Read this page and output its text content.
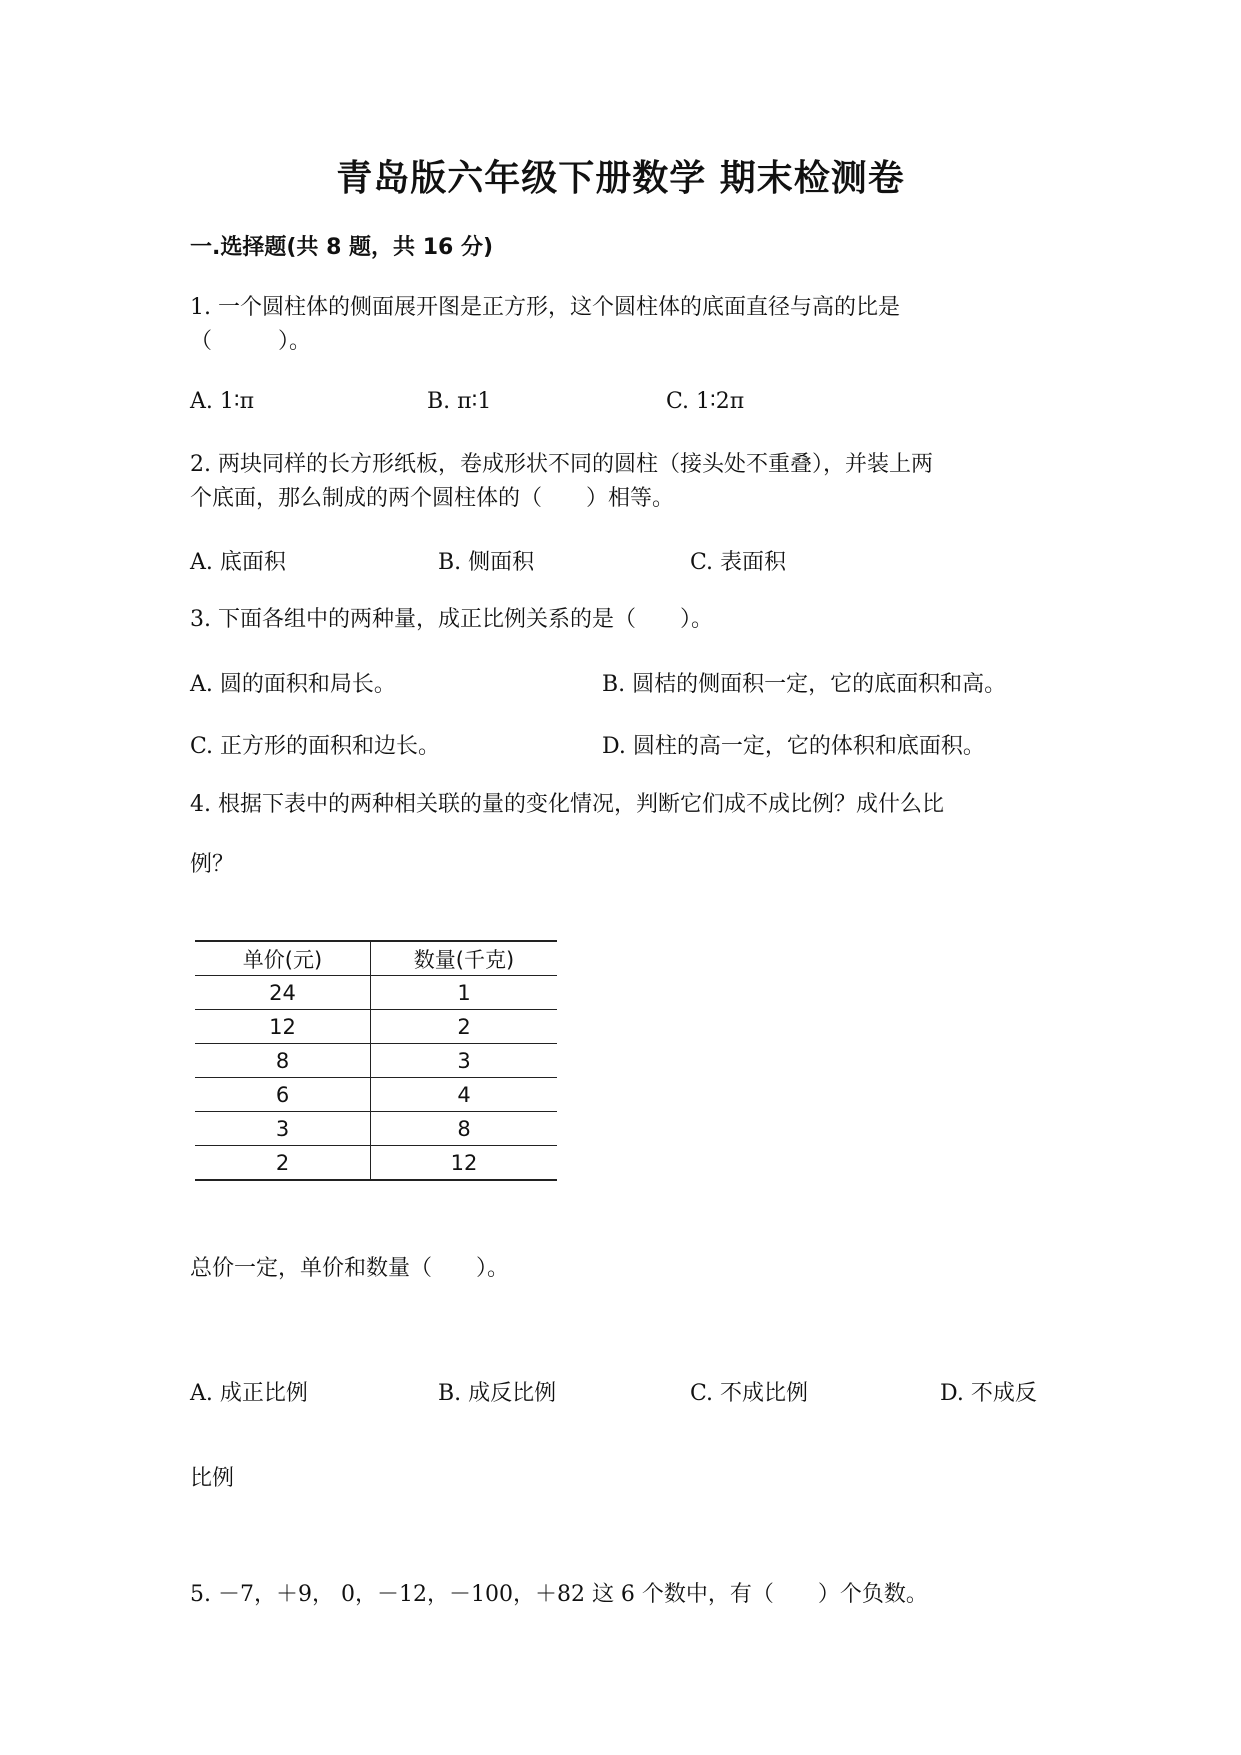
青岛版六年级下册数学 期末检测卷
一.选择题(共 8 题，共 16 分)
1. 一个圆柱体的侧面展开图是正方形，这个圆柱体的底面直径与高的比是
（　　　）。
A. 1∶π	B. π∶1	C. 1∶2π
2. 两块同样的长方形纸板，卷成形状不同的圆柱（接头处不重叠），并装上两
个底面，那么制成的两个圆柱体的（　　）相等。
A. 底面积	B. 侧面积	C. 表面积
3. 下面各组中的两种量，成正比例关系的是（　　）。
A. 圆的面积和局长。	B. 圆桔的侧面积一定，它的底面积和高。
C. 正方形的面积和边长。	D. 圆柱的高一定，它的体积和底面积。
4. 根据下表中的两种相关联的量的变化情况，判断它们成不成比例？成什么比
例？
单价(元)	数量(千克)
24	1
12	2
8	3
6	4
3	8
2	12
总价一定，单价和数量（　　）。
A. 成正比例	B. 成反比例	C. 不成比例	D. 不成反
比例
5. －7，＋9， 0，－12，－100，＋82 这 6 个数中，有（　　）个负数。
